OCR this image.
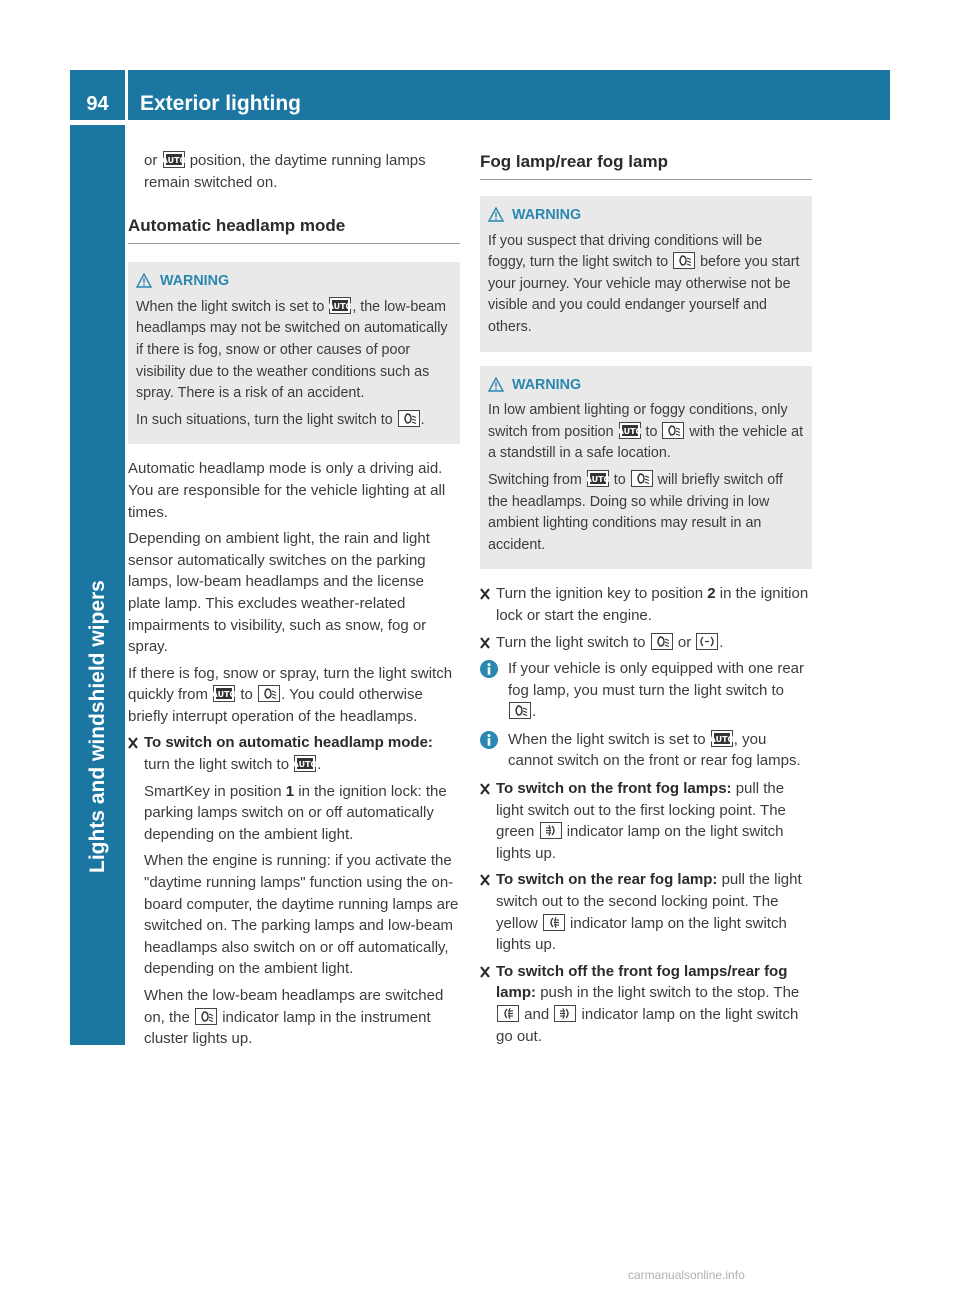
94	Exterior lighting
Lights and windshield wipers

or position, the daytime running lamps remain switched on.

Automatic headlamp mode
WARNING

When the light switch is set to , the low-beam headlamps may not be switched on automatically if there is fog, snow or other causes of poor visibility due to the weather conditions such as spray. There is a risk of an accident.

In such situations, turn the light switch to .

Automatic headlamp mode is only a driving aid. You are responsible for the vehicle lighting at all times.

Depending on ambient light, the rain and light sensor automatically switches on the parking lamps, low-beam headlamps and the license plate lamp. This excludes weather-related impairments to visibility, such as snow, fog or spray.

If there is fog, snow or spray, turn the light switch quickly from to . You could otherwise briefly interrupt operation of the headlamps.

To switch on automatic headlamp mode: turn the light switch to .

SmartKey in position 1 in the ignition lock: the parking lamps switch on or off automatically depending on the ambient light.

When the engine is running: if you activate the "daytime running lamps" function using the on-board computer, the daytime running lamps are switched on. The parking lamps and low-beam headlamps also switch on or off automatically, depending on the ambient light.

When the low-beam headlamps are switched on, the indicator lamp in the instrument cluster lights up.

Fog lamp/rear fog lamp
WARNING

If you suspect that driving conditions will be foggy, turn the light switch to before you start your journey. Your vehicle may otherwise not be visible and you could endanger yourself and others.

WARNING

In low ambient lighting or foggy conditions, only switch from position to with the vehicle at a standstill in a safe location.

Switching from to will briefly switch off the headlamps. Doing so while driving in low ambient lighting conditions may result in an accident.

Turn the ignition key to position 2 in the ignition lock or start the engine.
Turn the light switch to or .
If your vehicle is only equipped with one rear fog lamp, you must turn the light switch to .
When the light switch is set to , you cannot switch on the front or rear fog lamps.
To switch on the front fog lamps: pull the light switch out to the first locking point. The green indicator lamp on the light switch lights up.
To switch on the rear fog lamp: pull the light switch out to the second locking point. The yellow indicator lamp on the light switch lights up.
To switch off the front fog lamps/rear fog lamp: push in the light switch to the stop. The  and indicator lamp on the light switch go out.
carmanualsonline.info
